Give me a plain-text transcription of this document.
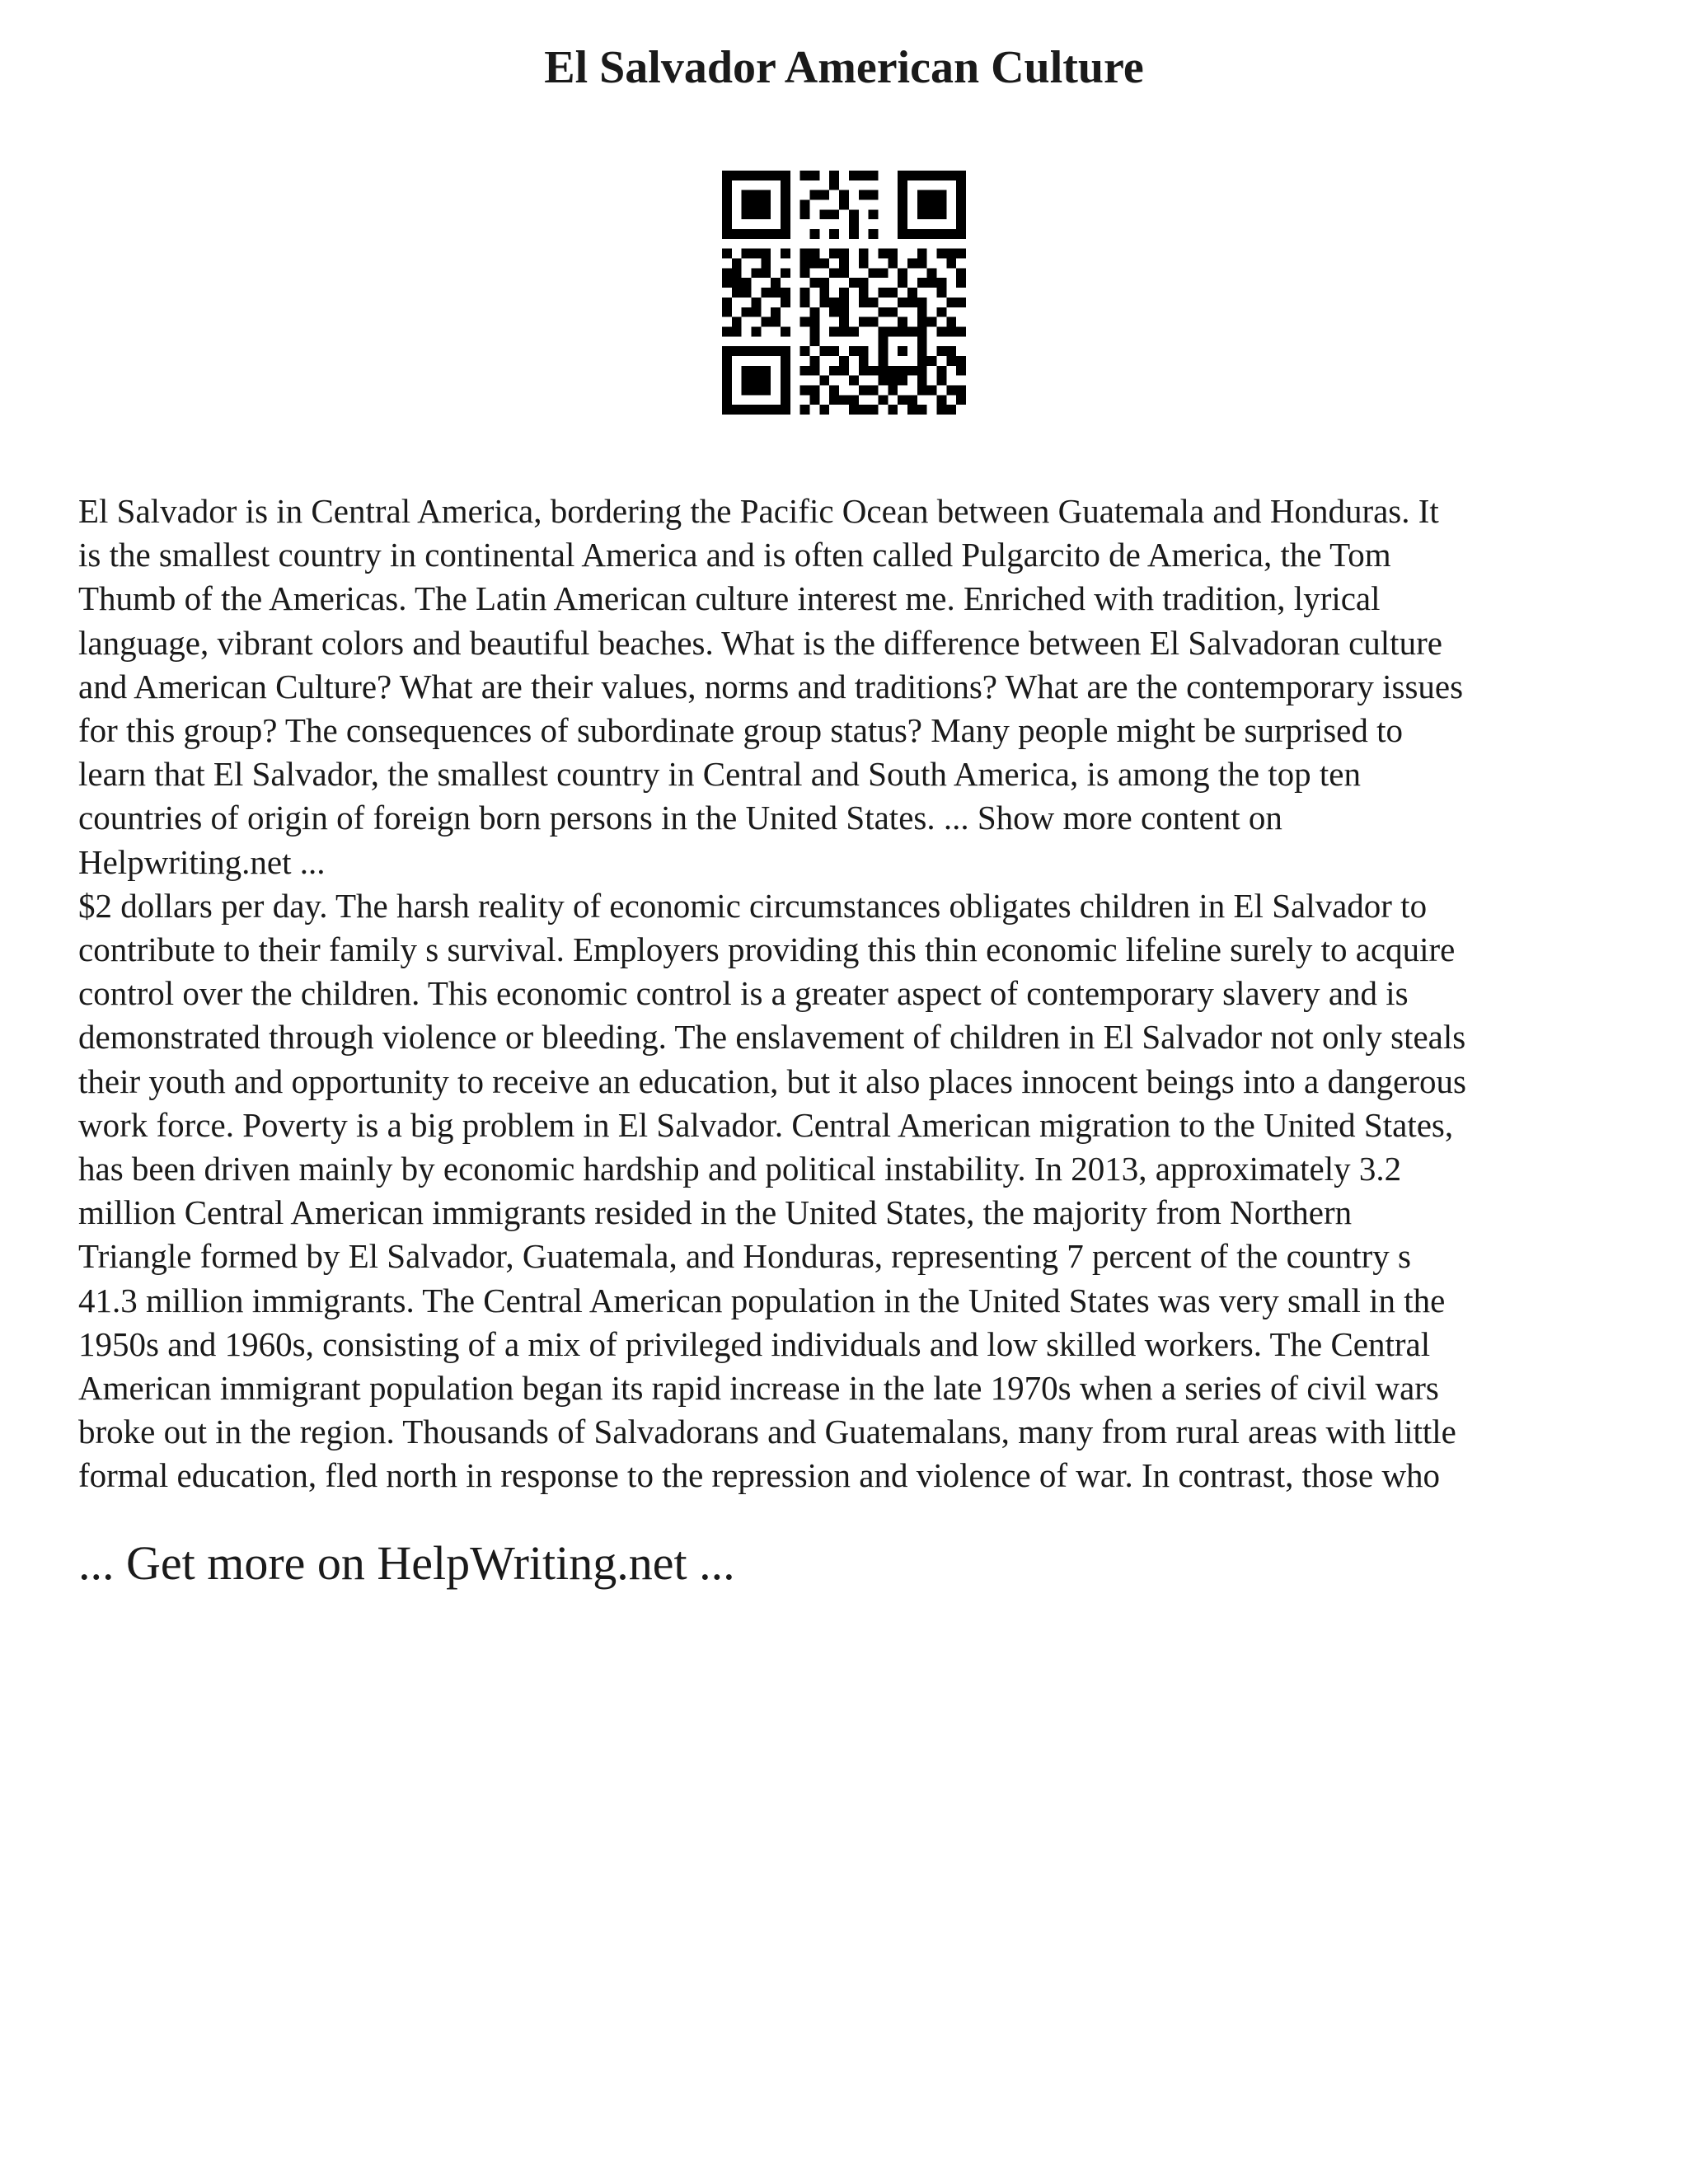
El Salvador American Culture
El Salvador is in Central America, bordering the Pacific Ocean between Guatemala and Honduras. It
is the smallest country in continental America and is often called Pulgarcito de America, the Tom
Thumb of the Americas. The Latin American culture interest me. Enriched with tradition, lyrical
language, vibrant colors and beautiful beaches. What is the difference between El Salvadoran culture
and American Culture? What are their values, norms and traditions? What are the contemporary issues
for this group? The consequences of subordinate group status? Many people might be surprised to
learn that El Salvador, the smallest country in Central and South America, is among the top ten
countries of origin of foreign born persons in the United States. ... Show more content on
Helpwriting.net ...
$2 dollars per day. The harsh reality of economic circumstances obligates children in El Salvador to
contribute to their family s survival. Employers providing this thin economic lifeline surely to acquire
control over the children. This economic control is a greater aspect of contemporary slavery and is
demonstrated through violence or bleeding. The enslavement of children in El Salvador not only steals
their youth and opportunity to receive an education, but it also places innocent beings into a dangerous
work force. Poverty is a big problem in El Salvador. Central American migration to the United States,
has been driven mainly by economic hardship and political instability. In 2013, approximately 3.2
million Central American immigrants resided in the United States, the majority from Northern
Triangle formed by El Salvador, Guatemala, and Honduras, representing 7 percent of the country s
41.3 million immigrants. The Central American population in the United States was very small in the
1950s and 1960s, consisting of a mix of privileged individuals and low skilled workers. The Central
American immigrant population began its rapid increase in the late 1970s when a series of civil wars
broke out in the region. Thousands of Salvadorans and Guatemalans, many from rural areas with little
formal education, fled north in response to the repression and violence of war. In contrast, those who
... Get more on HelpWriting.net ...
